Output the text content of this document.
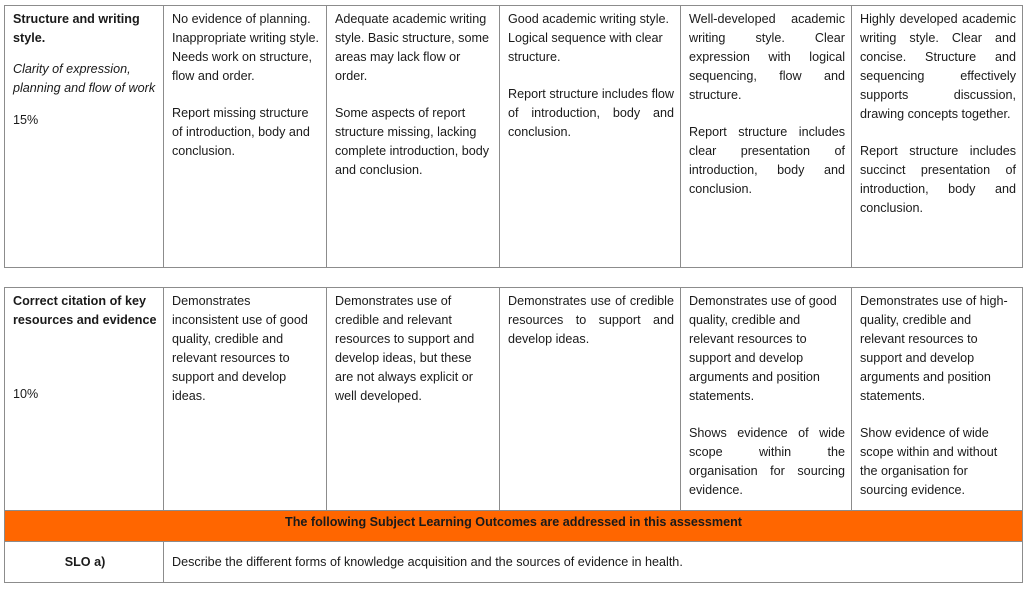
Structure and writing style.
Clarity of expression, planning and flow of work
15%
	No evidence of planning. Inappropriate writing style. Needs work on structure, flow and order.
Report missing structure of introduction, body and conclusion.
	Adequate academic writing style. Basic structure, some areas may lack flow or order.
Some aspects of report structure missing, lacking complete introduction, body and conclusion.
	Good academic writing style. Logical sequence with clear structure.
Report structure includes flow of introduction, body and conclusion.
	Well-developed academic writing style. Clear expression with logical sequencing, flow and structure.
Report structure includes clear presentation of introduction, body and conclusion.
	Highly developed academic writing style. Clear and concise. Structure and sequencing effectively supports discussion, drawing concepts together.
Report structure includes succinct presentation of introduction, body and conclusion.
Correct citation of key resources and evidence
10%	Demonstrates inconsistent use of good quality, credible and relevant resources to support and develop ideas.	Demonstrates use of credible and relevant resources to support and develop ideas, but these are not always explicit or well developed.	Demonstrates use of credible resources to support and develop ideas.	Demonstrates use of good quality, credible and relevant resources to support and develop arguments and position statements.
Shows evidence of wide scope within the organisation for sourcing evidence.	Demonstrates use of high-quality, credible and relevant resources to support and develop arguments and position statements.
Show evidence of wide scope within and without the organisation for sourcing evidence.

The following Subject Learning Outcomes are addressed in this assessment					
SLO a)	Describe the different forms of knowledge acquisition and the sources of evidence in health.				
